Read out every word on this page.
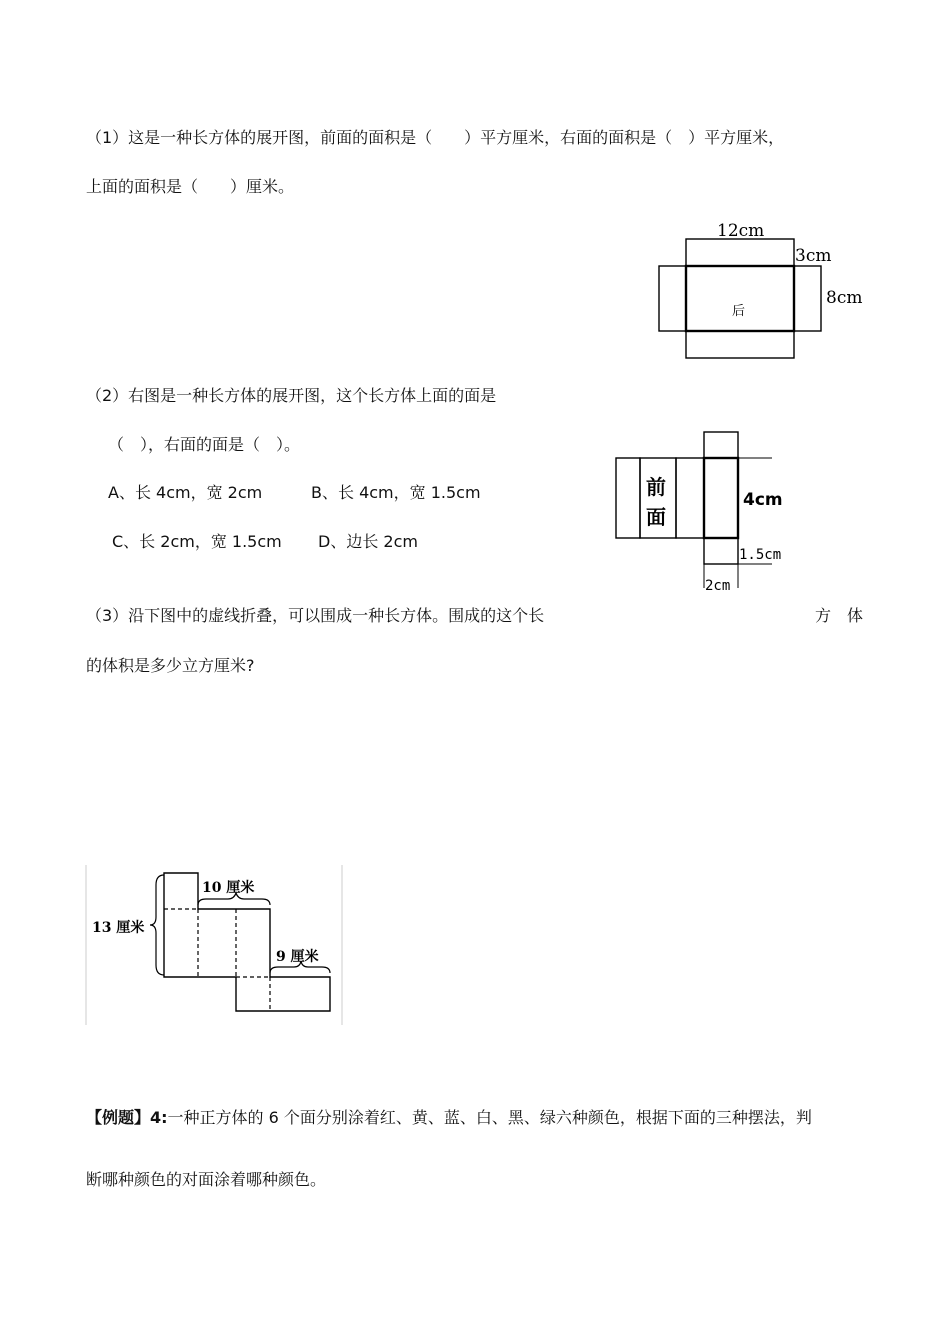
（1）这是一种长方体的展开图，前面的面积是（　　）平方厘米，右面的面积是（　）平方厘米，
上面的面积是（　　）厘米。
12cm
3cm
8cm
后
（2）右图是一种长方体的展开图，这个长方体上面的面是
（　），右面的面是（　）。
A、长 4cm，宽 2cm	B、长 4cm，宽 1.5cm
C、长 2cm，宽 1.5cm D、边长 2cm
前
面
4cm
1.5cm
2cm
（3）沿下图中的虚线折叠，可以围成一种长方体。围成的这个长	方　体
的体积是多少立方厘米?
13 厘米
10 厘米
9 厘米
【例题】4:一种正方体的 6 个面分别涂着红、黄、蓝、白、黑、绿六种颜色，根据下面的三种摆法，判
断哪种颜色的对面涂着哪种颜色。
